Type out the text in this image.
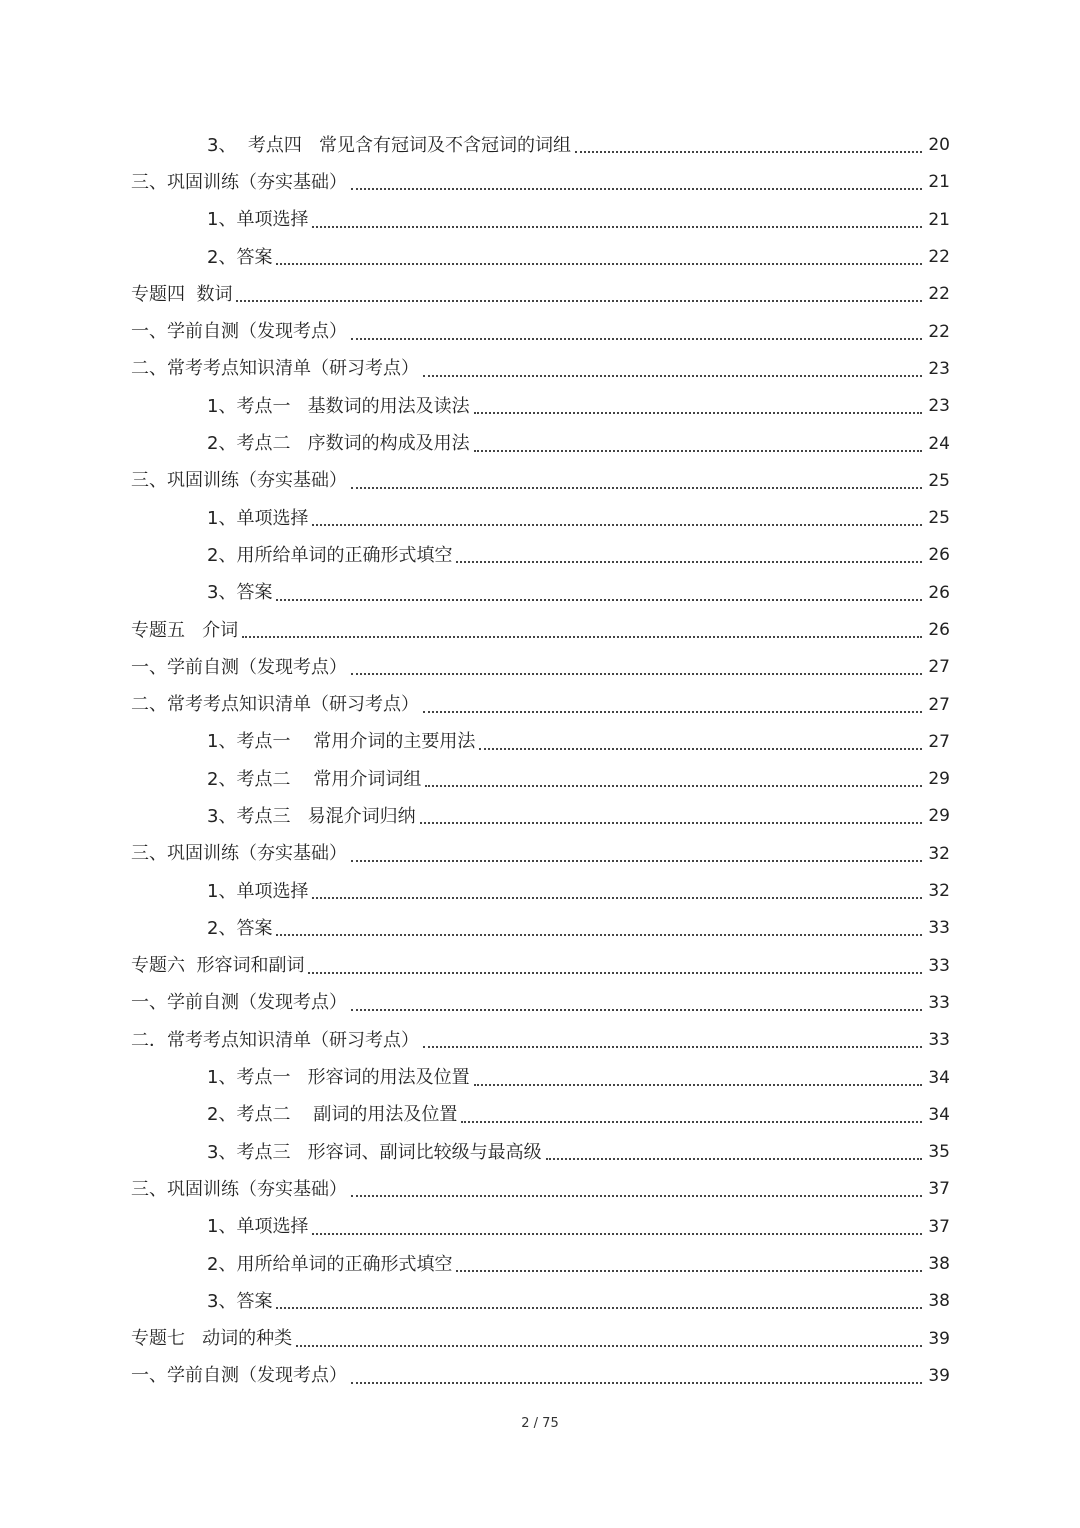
3、  考点四   常见含有冠词及不含冠词的词组	20
三、巩固训练（夯实基础）	21
1、单项选择	21
2、答案	22
专题四  数词	22
一、学前自测（发现考点）	22
二、常考考点知识清单（研习考点）	23
1、考点一   基数词的用法及读法	23
2、考点二   序数词的构成及用法	24
三、巩固训练（夯实基础）	25
1、单项选择	25
2、用所给单词的正确形式填空	26
3、答案	26
专题五   介词	26
一、学前自测（发现考点）	27
二、常考考点知识清单（研习考点）	27
1、考点一    常用介词的主要用法	27
2、考点二    常用介词词组	29
3、考点三   易混介词归纳	29
三、巩固训练（夯实基础）	32
1、单项选择	32
2、答案	33
专题六  形容词和副词	33
一、学前自测（发现考点）	33
二．常考考点知识清单（研习考点）	33
1、考点一   形容词的用法及位置	34
2、考点二    副词的用法及位置	34
3、考点三   形容词、副词比较级与最高级	35
三、巩固训练（夯实基础）	37
1、单项选择	37
2、用所给单词的正确形式填空	38
3、答案	38
专题七   动词的种类	39
一、学前自测（发现考点）	39
2 / 75
